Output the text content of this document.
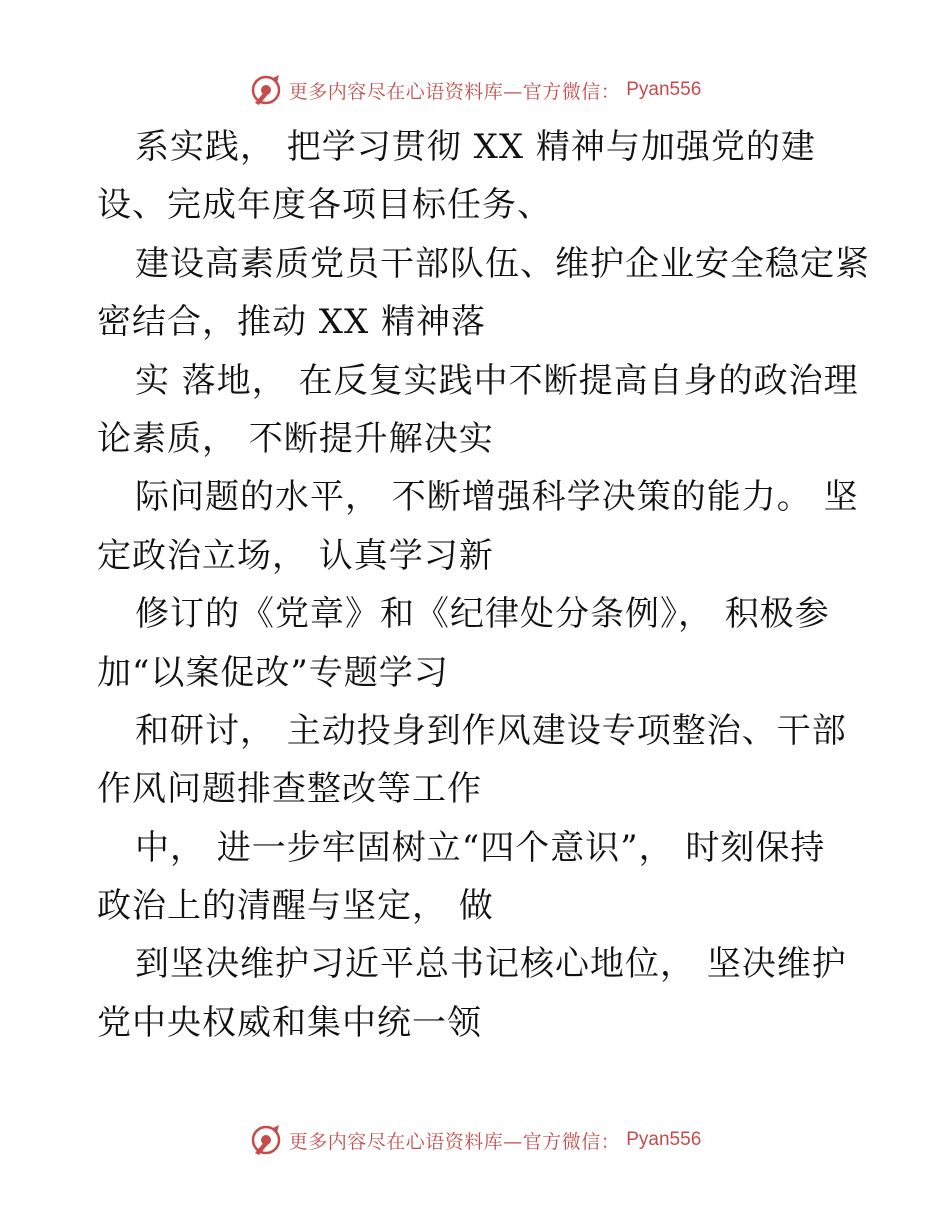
更多内容尽在心语资料库—官方微信： Pyan556
系实践， 把学习贯彻 XX 精神与加强党的建
设、完成年度各项目标任务、
建设高素质党员干部队伍、维护企业安全稳定紧
密结合，推动 XX 精神落
实 落地， 在反复实践中不断提高自身的政治理
论素质， 不断提升解决实
际问题的水平， 不断增强科学决策的能力。 坚
定政治立场， 认真学习新
修订的《党章》和《纪律处分条例》， 积极参
加“以案促改”专题学习
和研讨， 主动投身到作风建设专项整治、干部
作风问题排查整改等工作
中， 进一步牢固树立“四个意识”， 时刻保持
政治上的清醒与坚定， 做
到坚决维护习近平总书记核心地位， 坚决维护
党中央权威和集中统一领
更多内容尽在心语资料库—官方微信： Pyan556
